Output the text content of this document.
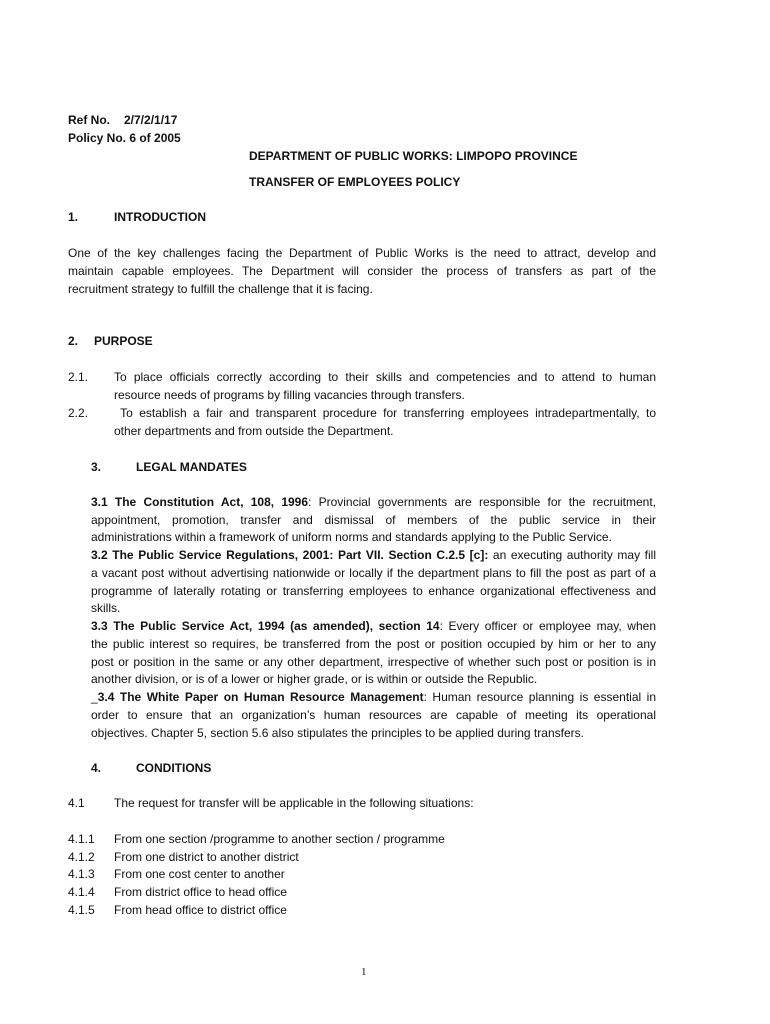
Ref No. 2/7/2/1/17
Policy No. 6 of 2005
DEPARTMENT OF PUBLIC WORKS: LIMPOPO PROVINCE
TRANSFER OF EMPLOYEES POLICY
1.	INTRODUCTION
One of the key challenges facing the Department of Public Works is the need to attract, develop and
maintain capable employees. The Department will consider the process of transfers as part of the
recruitment strategy to fulfill the challenge that it is facing.
2. PURPOSE
2.1. To place officials correctly according to their skills and competencies and to attend to human
resource needs of programs by filling vacancies through transfers.
2.2. To establish a fair and transparent procedure for transferring employees intradepartmentally, to
other departments and from outside the Department.
3.	LEGAL MANDATES
3.1 The Constitution Act, 108, 1996: Provincial governments are responsible for the recruitment,
appointment, promotion, transfer and dismissal of members of the public service in their
administrations within a framework of uniform norms and standards applying to the Public Service.
3.2 The Public Service Regulations, 2001: Part VII. Section C.2.5 [c]: an executing authority may fill
a vacant post without advertising nationwide or locally if the department plans to fill the post as part of a
programme of laterally rotating or transferring employees to enhance organizational effectiveness and
skills.
3.3 The Public Service Act, 1994 (as amended), section 14: Every officer or employee may, when
the public interest so requires, be transferred from the post or position occupied by him or her to any
post or position in the same or any other department, irrespective of whether such post or position is in
another division, or is of a lower or higher grade, or is within or outside the Republic.
_3.4 The White Paper on Human Resource Management: Human resource planning is essential in
order to ensure that an organization’s human resources are capable of meeting its operational
objectives. Chapter 5, section 5.6 also stipulates the principles to be applied during transfers.
4.	CONDITIONS
4.1 The request for transfer will be applicable in the following situations:
4.1.1 From one section /programme to another section / programme
4.1.2 From one district to another district
4.1.3 From one cost center to another
4.1.4 From district office to head office
4.1.5 From head office to district office
1
